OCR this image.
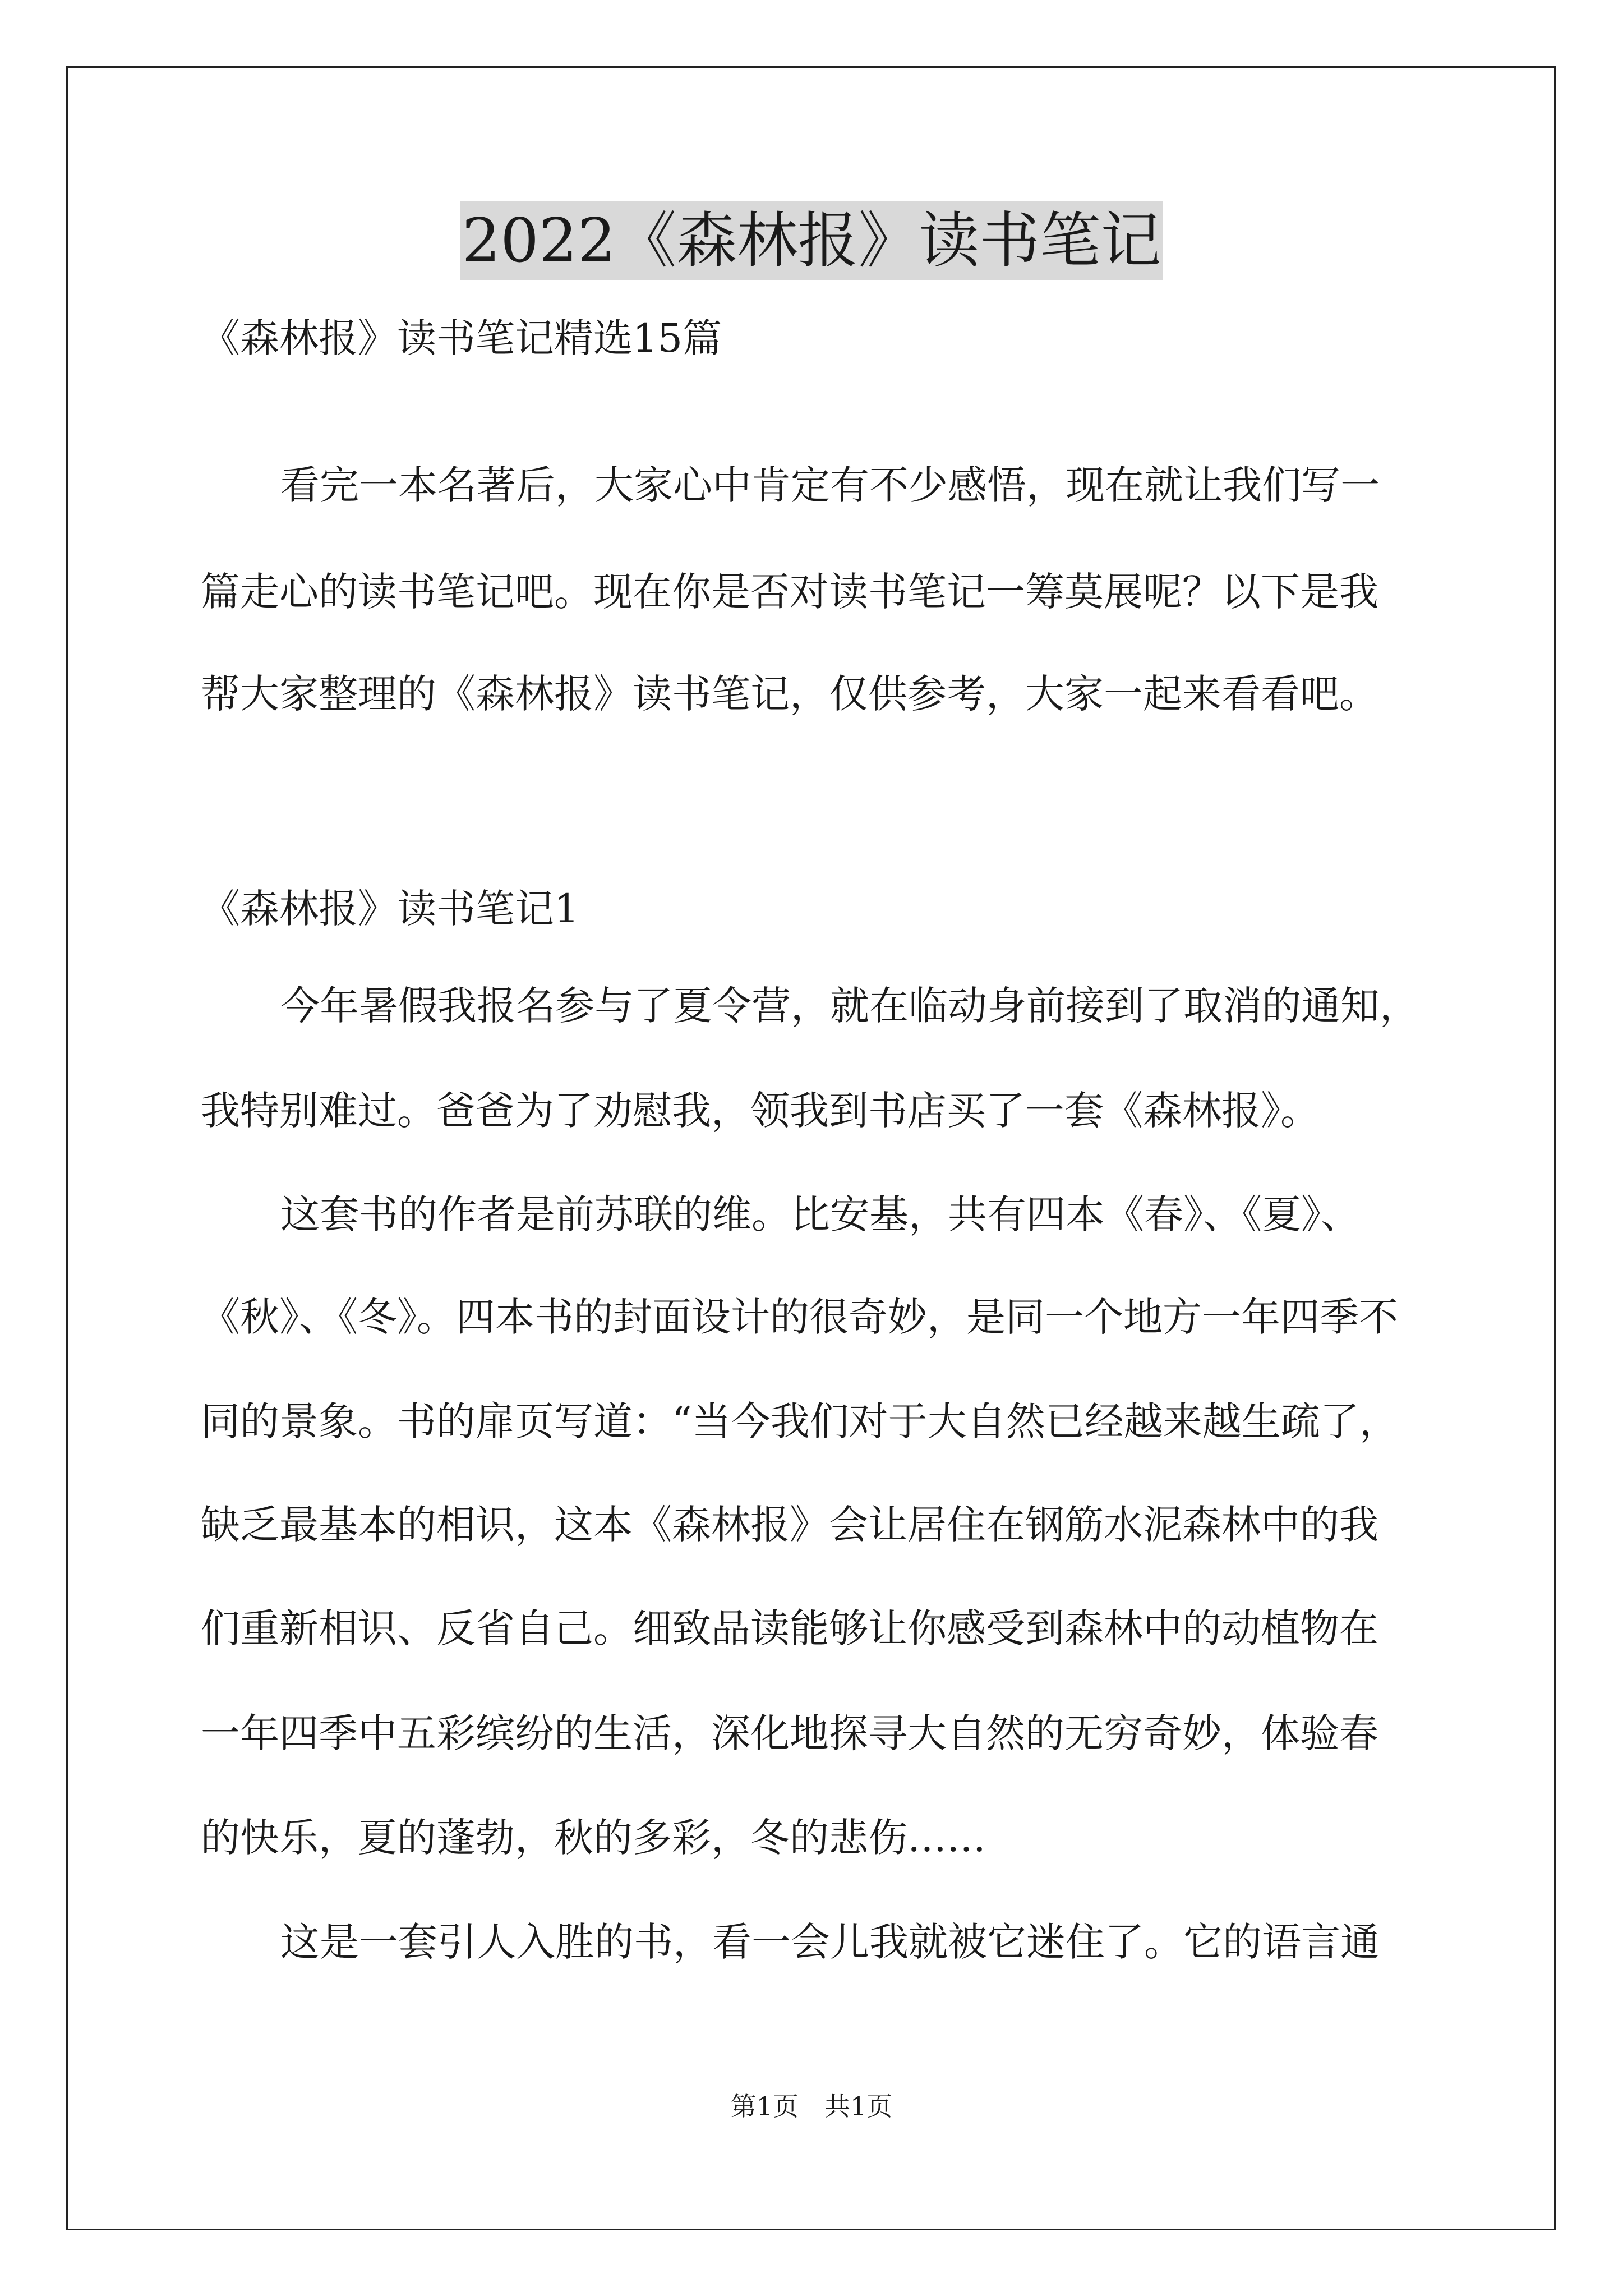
2022《森林报》读书笔记

《森林报》读书笔记精选15篇

看完一本名著后，大家心中肯定有不少感悟，现在就让我们写一

篇走心的读书笔记吧。现在你是否对读书笔记一筹莫展呢？以下是我

帮大家整理的《森林报》读书笔记，仅供参考，大家一起来看看吧。

《森林报》读书笔记1

今年暑假我报名参与了夏令营，就在临动身前接到了取消的通知，

我特别难过。爸爸为了劝慰我，领我到书店买了一套《森林报》。

这套书的作者是前苏联的维。比安基，共有四本《春》、《夏》、

《秋》、《冬》。四本书的封面设计的很奇妙，是同一个地方一年四季不

同的景象。书的扉页写道：“当今我们对于大自然已经越来越生疏了，

缺乏最基本的相识，这本《森林报》会让居住在钢筋水泥森林中的我

们重新相识、反省自己。细致品读能够让你感受到森林中的动植物在

一年四季中五彩缤纷的生活，深化地探寻大自然的无穷奇妙，体验春

的快乐，夏的蓬勃，秋的多彩，冬的悲伤……

这是一套引人入胜的书，看一会儿我就被它迷住了。它的语言通

第1页 共1页
